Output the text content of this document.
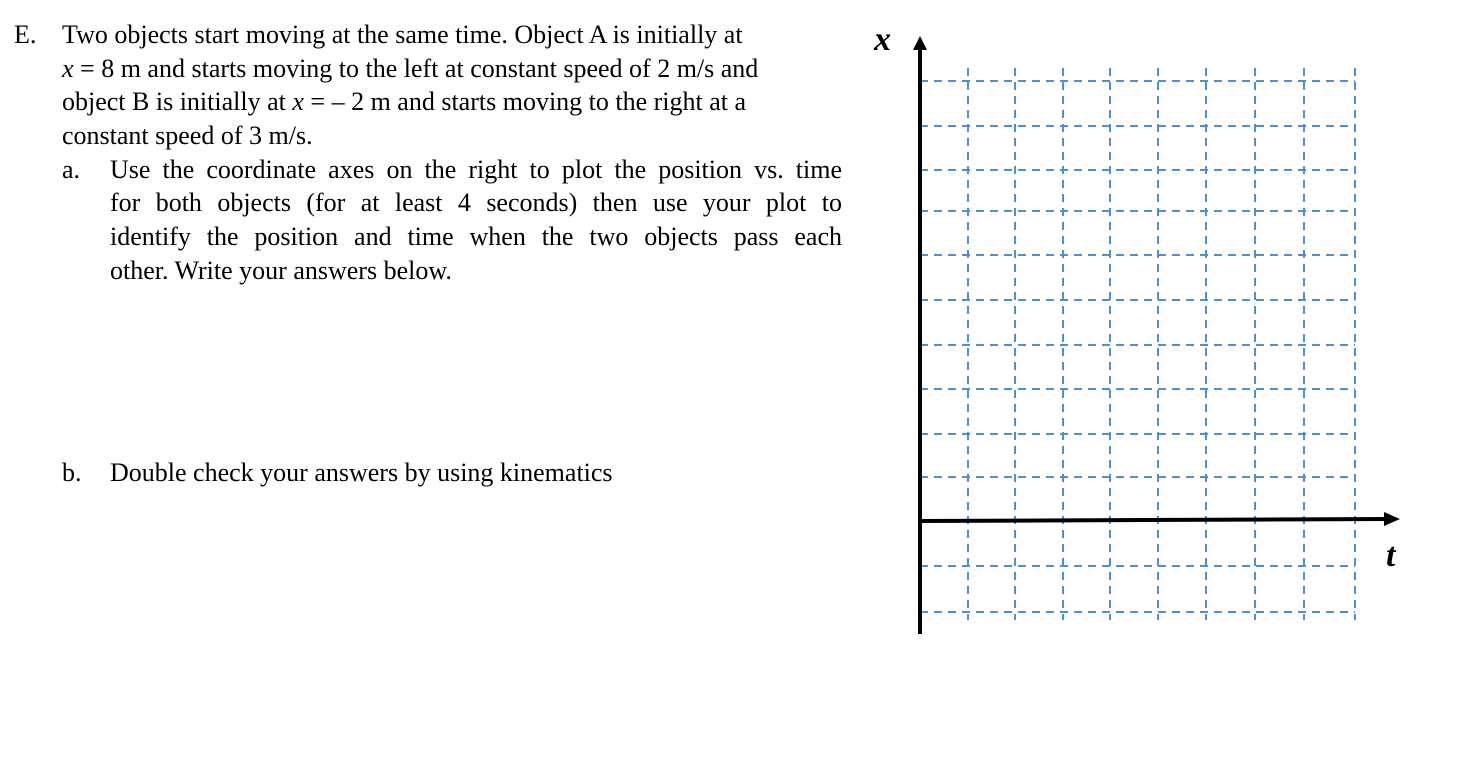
E. Two objects start moving at the same time. Object A is initially at
x = 8 m and starts moving to the left at constant speed of 2 m/s and
object B is initially at x = – 2 m and starts moving to the right at a
constant speed of 3 m/s.
a. Use the coordinate axes on the right to plot the position vs. time
for both objects (for at least 4 seconds) then use your plot to
identify the position and time when the two objects pass each
other. Write your answers below.
b. Double check your answers by using kinematics
x
t
